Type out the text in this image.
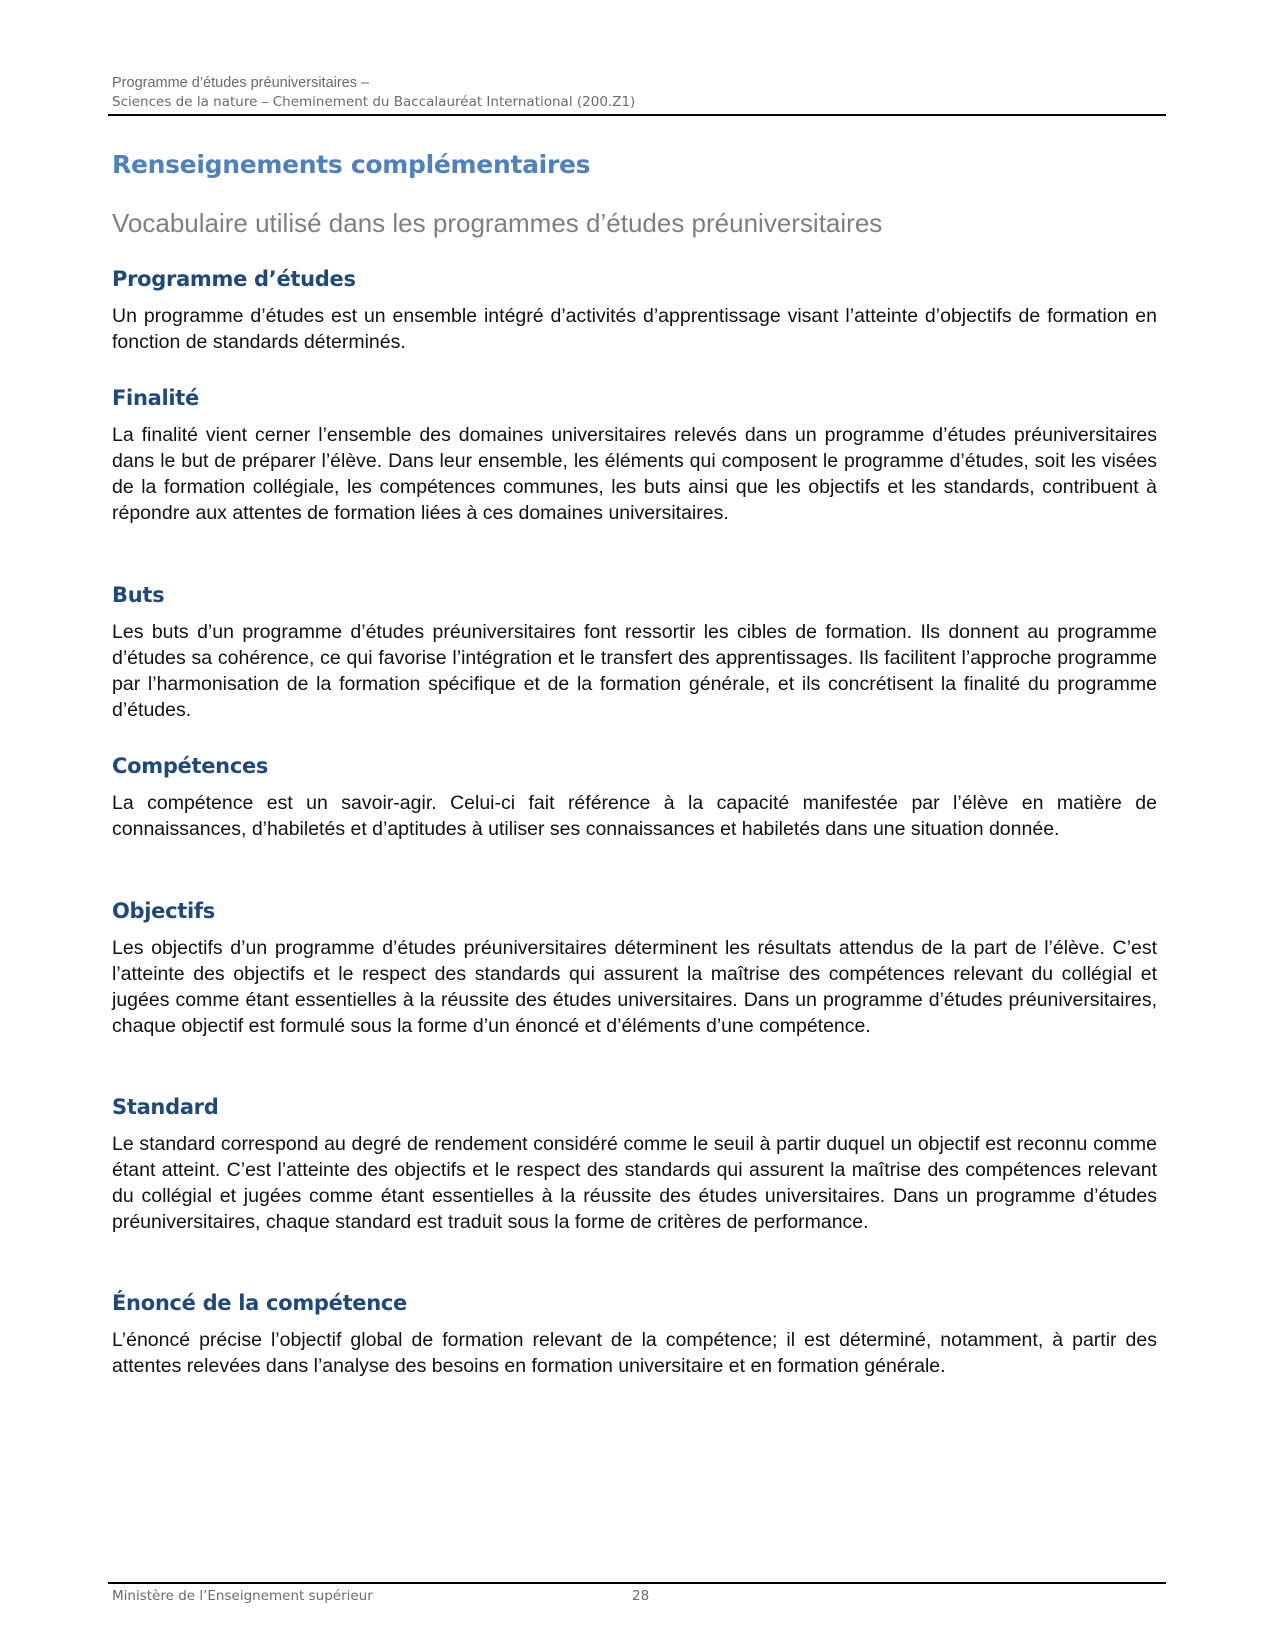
Programme d’études préuniversitaires –
Sciences de la nature – Cheminement du Baccalauréat International (200.Z1)
Renseignements complémentaires
Vocabulaire utilisé dans les programmes d’études préuniversitaires
Programme d’études

Un programme d’études est un ensemble intégré d’activités d’apprentissage visant l’atteinte d’objectifs de formation en fonction de standards déterminés.

Finalité

La finalité vient cerner l’ensemble des domaines universitaires relevés dans un programme d’études préuniversitaires dans le but de préparer l’élève. Dans leur ensemble, les éléments qui composent le programme d’études, soit les visées de la formation collégiale, les compétences communes, les buts ainsi que les objectifs et les standards, contribuent à répondre aux attentes de formation liées à ces domaines universitaires.

Buts

Les buts d’un programme d’études préuniversitaires font ressortir les cibles de formation. Ils donnent au programme d’études sa cohérence, ce qui favorise l’intégration et le transfert des apprentissages. Ils facilitent l’approche programme par l’harmonisation de la formation spécifique et de la formation générale, et ils concrétisent la finalité du programme d’études.

Compétences

La compétence est un savoir-agir. Celui-ci fait référence à la capacité manifestée par l’élève en matière de connaissances, d’habiletés et d’aptitudes à utiliser ses connaissances et habiletés dans une situation donnée.

Objectifs

Les objectifs d’un programme d’études préuniversitaires déterminent les résultats attendus de la part de l’élève. C’est l’atteinte des objectifs et le respect des standards qui assurent la maîtrise des compétences relevant du collégial et jugées comme étant essentielles à la réussite des études universitaires. Dans un programme d’études préuniversitaires, chaque objectif est formulé sous la forme d’un énoncé et d’éléments d’une compétence.

Standard

Le standard correspond au degré de rendement considéré comme le seuil à partir duquel un objectif est reconnu comme étant atteint. C’est l’atteinte des objectifs et le respect des standards qui assurent la maîtrise des compétences relevant du collégial et jugées comme étant essentielles à la réussite des études universitaires. Dans un programme d’études préuniversitaires, chaque standard est traduit sous la forme de critères de performance.

Énoncé de la compétence

L’énoncé précise l’objectif global de formation relevant de la compétence; il est déterminé, notamment, à partir des attentes relevées dans l’analyse des besoins en formation universitaire et en formation générale.

Ministère de l’Enseignement supérieur	28
